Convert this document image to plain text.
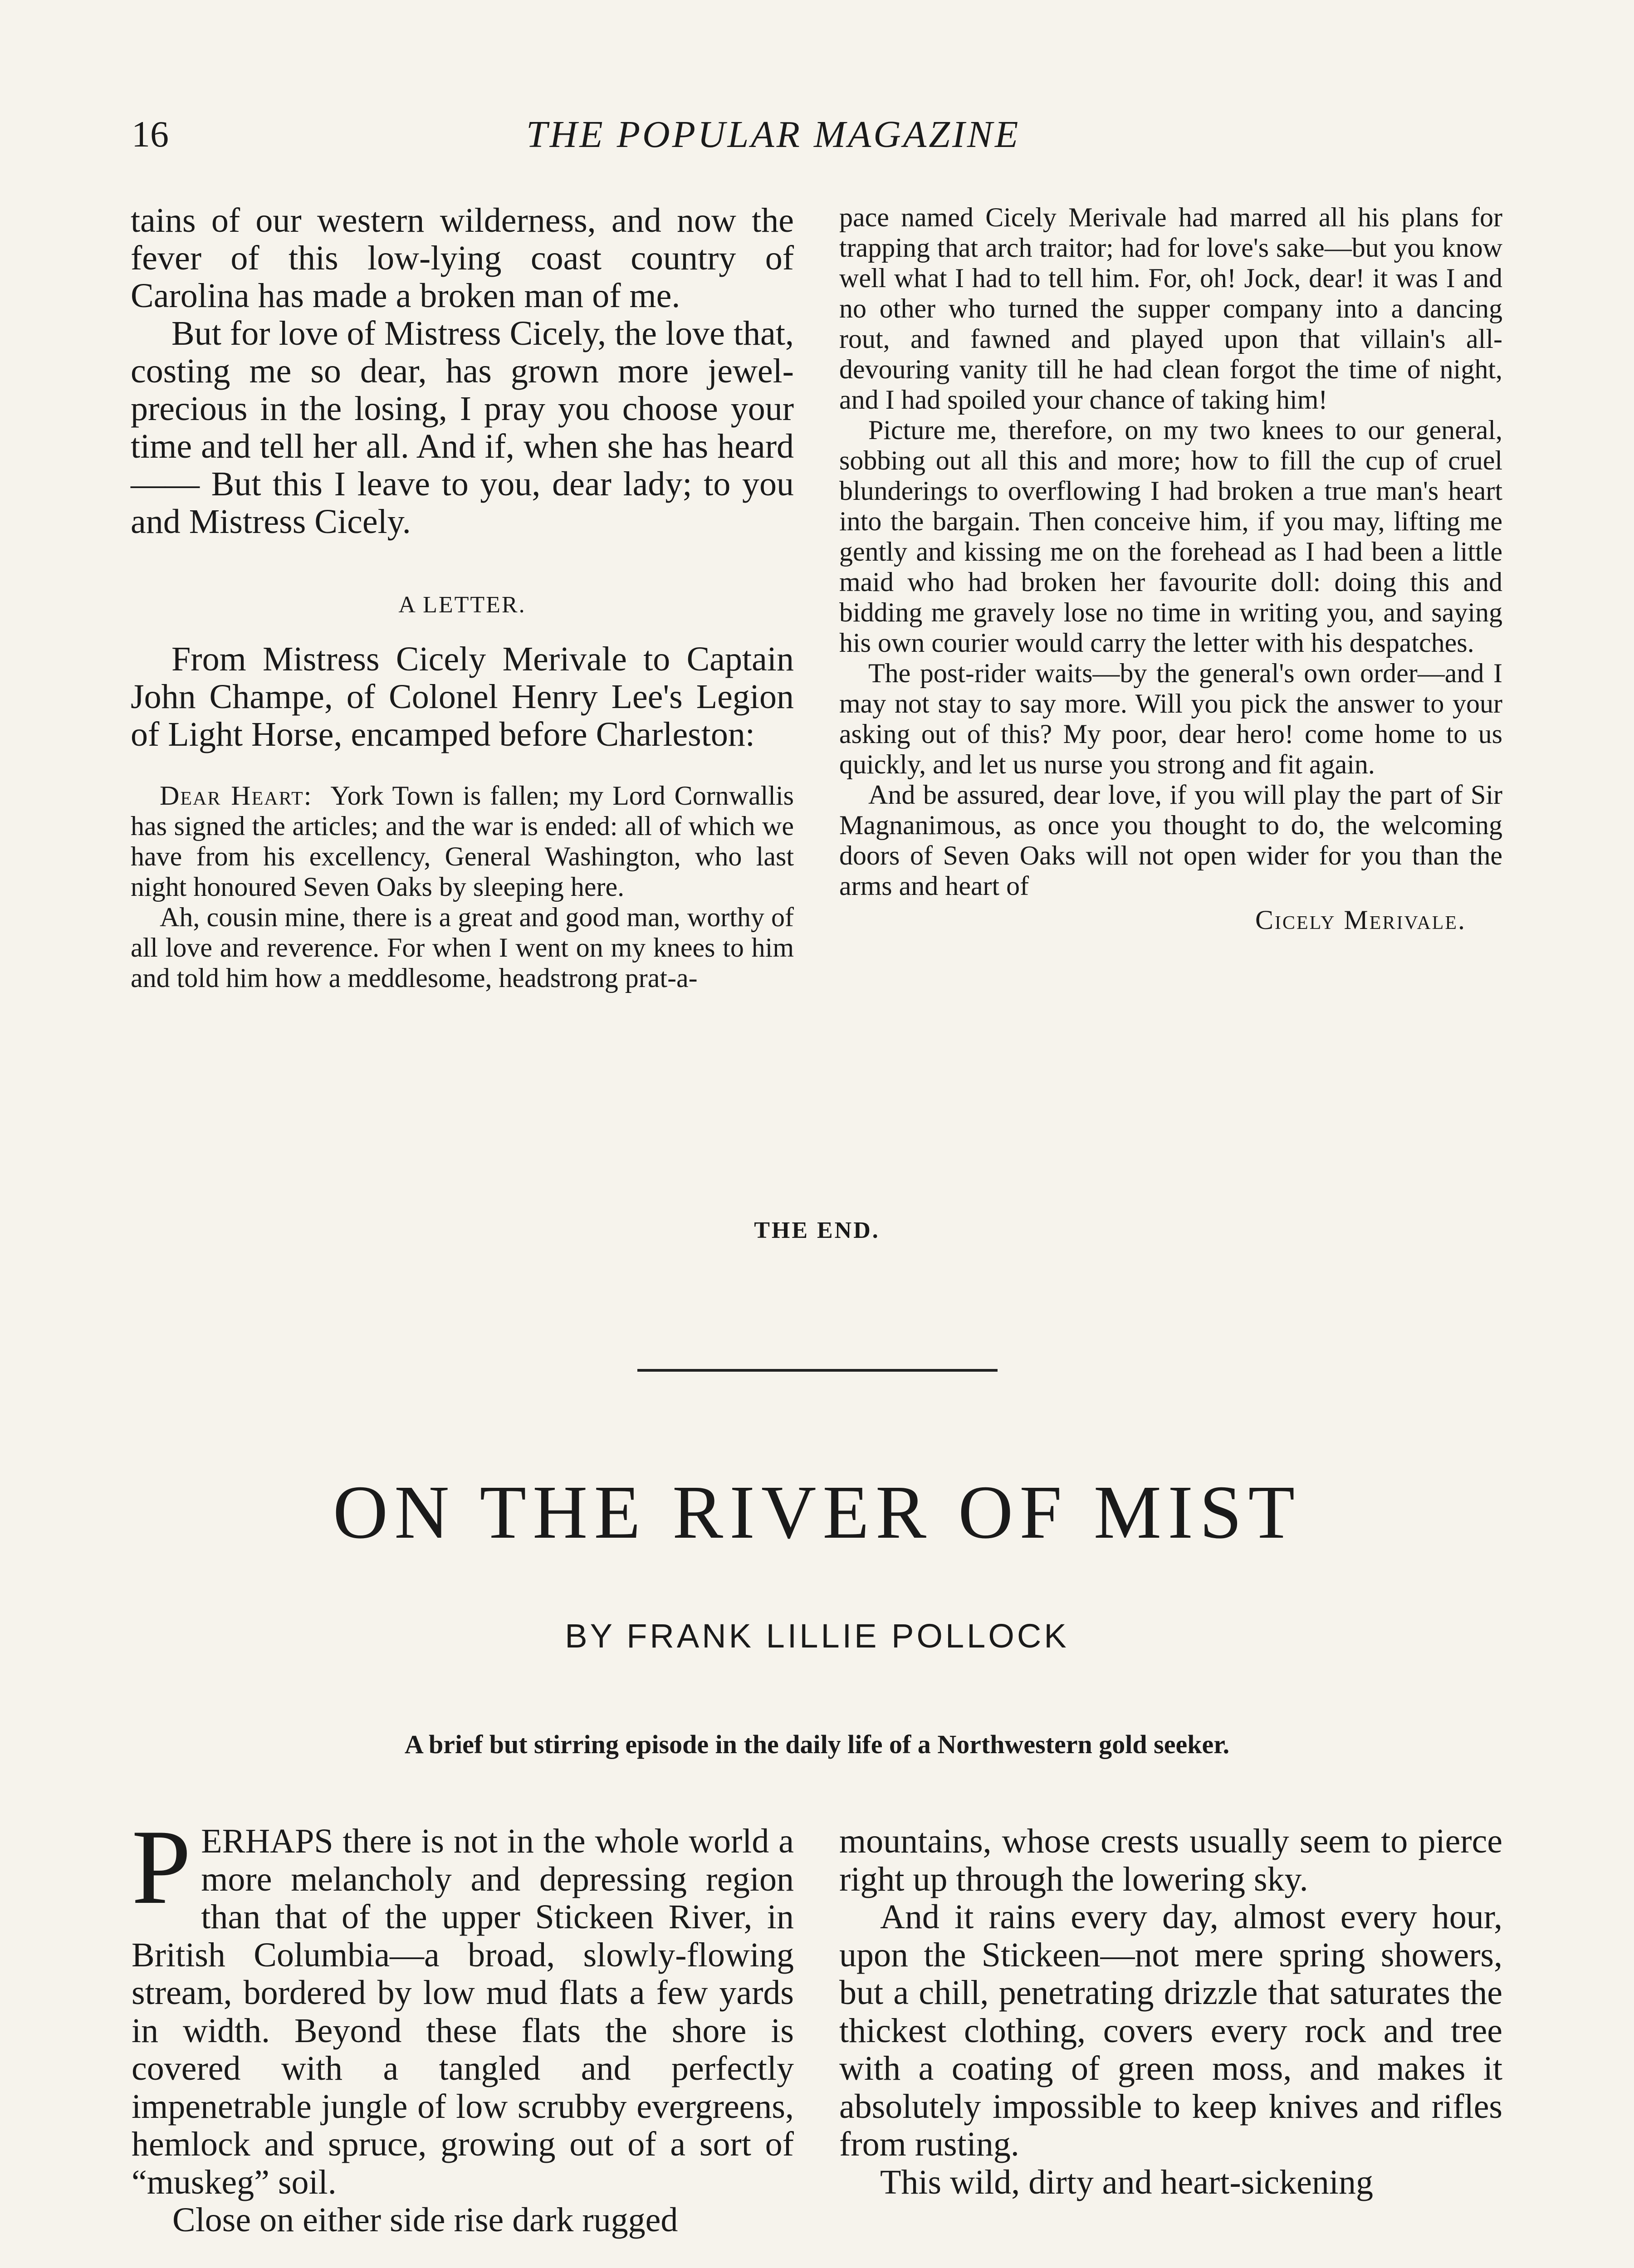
16	THE POPULAR MAGAZINE

tains of our western wilderness, and now the fever of this low-lying coast country of Carolina has made a broken man of me.

But for love of Mistress Cicely, the love that, costing me so dear, has grown more jewel-precious in the losing, I pray you choose your time and tell her all. And if, when she has heard—— But this I leave to you, dear lady; to you and Mistress Cicely.

A LETTER.

From Mistress Cicely Merivale to Captain John Champe, of Colonel Henry Lee's Legion of Light Horse, encamped before Charleston:

Dear Heart: York Town is fallen; my Lord Cornwallis has signed the articles; and the war is ended: all of which we have from his excellency, General Washington, who last night honoured Seven Oaks by sleeping here.

Ah, cousin mine, there is a great and good man, worthy of all love and reverence. For when I went on my knees to him and told him how a meddlesome, headstrong prat-a-

pace named Cicely Merivale had marred all his plans for trapping that arch traitor; had for love's sake—but you know well what I had to tell him. For, oh! Jock, dear! it was I and no other who turned the supper company into a dancing rout, and fawned and played upon that villain's all-devouring vanity till he had clean forgot the time of night, and I had spoiled your chance of taking him!

Picture me, therefore, on my two knees to our general, sobbing out all this and more; how to fill the cup of cruel blunderings to overflowing I had broken a true man's heart into the bargain. Then conceive him, if you may, lifting me gently and kissing me on the forehead as I had been a little maid who had broken her favourite doll: doing this and bidding me gravely lose no time in writing you, and saying his own courier would carry the letter with his despatches.

The post-rider waits—by the general's own order—and I may not stay to say more. Will you pick the answer to your asking out of this? My poor, dear hero! come home to us quickly, and let us nurse you strong and fit again.

And be assured, dear love, if you will play the part of Sir Magnanimous, as once you thought to do, the welcoming doors of Seven Oaks will not open wider for you than the arms and heart of

Cicely Merivale.

THE END.
ON THE RIVER OF MIST
BY FRANK LILLIE POLLOCK
A brief but stirring episode in the daily life of a Northwestern gold seeker.

PERHAPS there is not in the whole world a more melancholy and depressing region than that of the upper Stickeen River, in British Columbia—a broad, slowly-flowing stream, bordered by low mud flats a few yards in width. Beyond these flats the shore is covered with a tangled and perfectly impenetrable jungle of low scrubby evergreens, hemlock and spruce, growing out of a sort of “muskeg” soil.

Close on either side rise dark rugged

mountains, whose crests usually seem to pierce right up through the lowering sky.

And it rains every day, almost every hour, upon the Stickeen—not mere spring showers, but a chill, penetrating drizzle that saturates the thickest clothing, covers every rock and tree with a coating of green moss, and makes it absolutely impossible to keep knives and rifles from rusting.

This wild, dirty and heart-sickening
